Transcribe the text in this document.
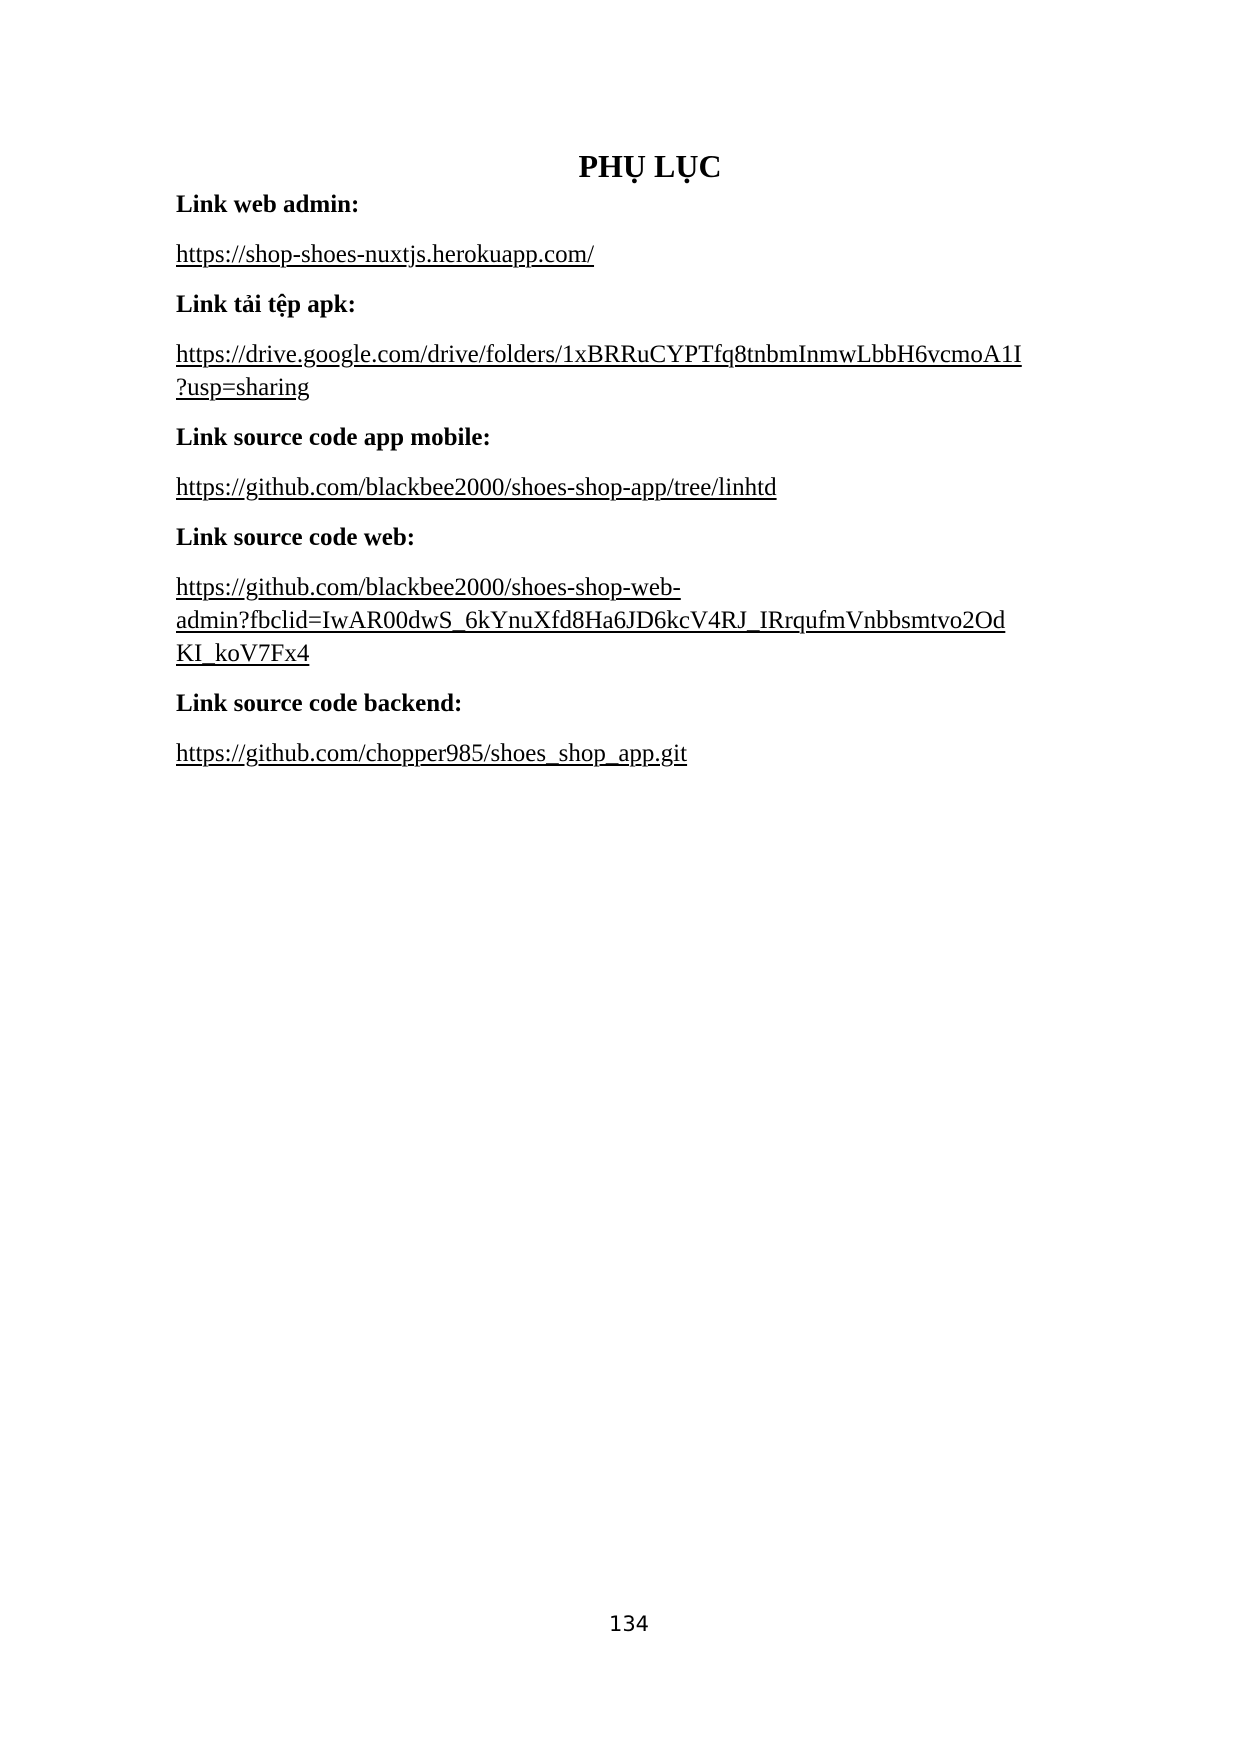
PHỤ LỤC

Link web admin:

https://shop-shoes-nuxtjs.herokuapp.com/

Link tải tệp apk:

https://drive.google.com/drive/folders/1xBRRuCYPTfq8tnbmInmwLbbH6vcmoA1I
?usp=sharing

Link source code app mobile:

https://github.com/blackbee2000/shoes-shop-app/tree/linhtd

Link source code web:

https://github.com/blackbee2000/shoes-shop-web-
admin?fbclid=IwAR00dwS_6kYnuXfd8Ha6JD6kcV4RJ_IRrqufmVnbbsmtvo2Od
KI_koV7Fx4

Link source code backend:

https://github.com/chopper985/shoes_shop_app.git

134
